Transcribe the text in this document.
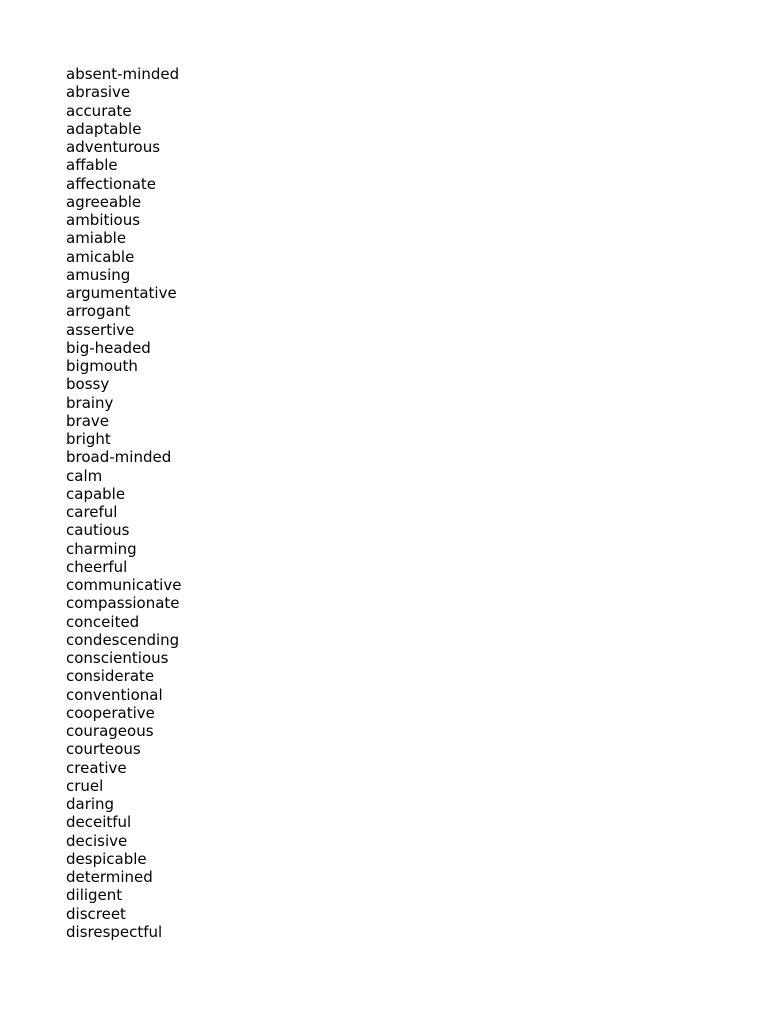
absent-minded
abrasive
accurate
adaptable
adventurous
affable
affectionate
agreeable
ambitious
amiable
amicable
amusing
argumentative
arrogant
assertive
big-headed
bigmouth
bossy
brainy
brave
bright
broad-minded
calm
capable
careful
cautious
charming
cheerful
communicative
compassionate
conceited
condescending
conscientious
considerate
conventional
cooperative
courageous
courteous
creative
cruel
daring
deceitful
decisive
despicable
determined
diligent
discreet
disrespectful
